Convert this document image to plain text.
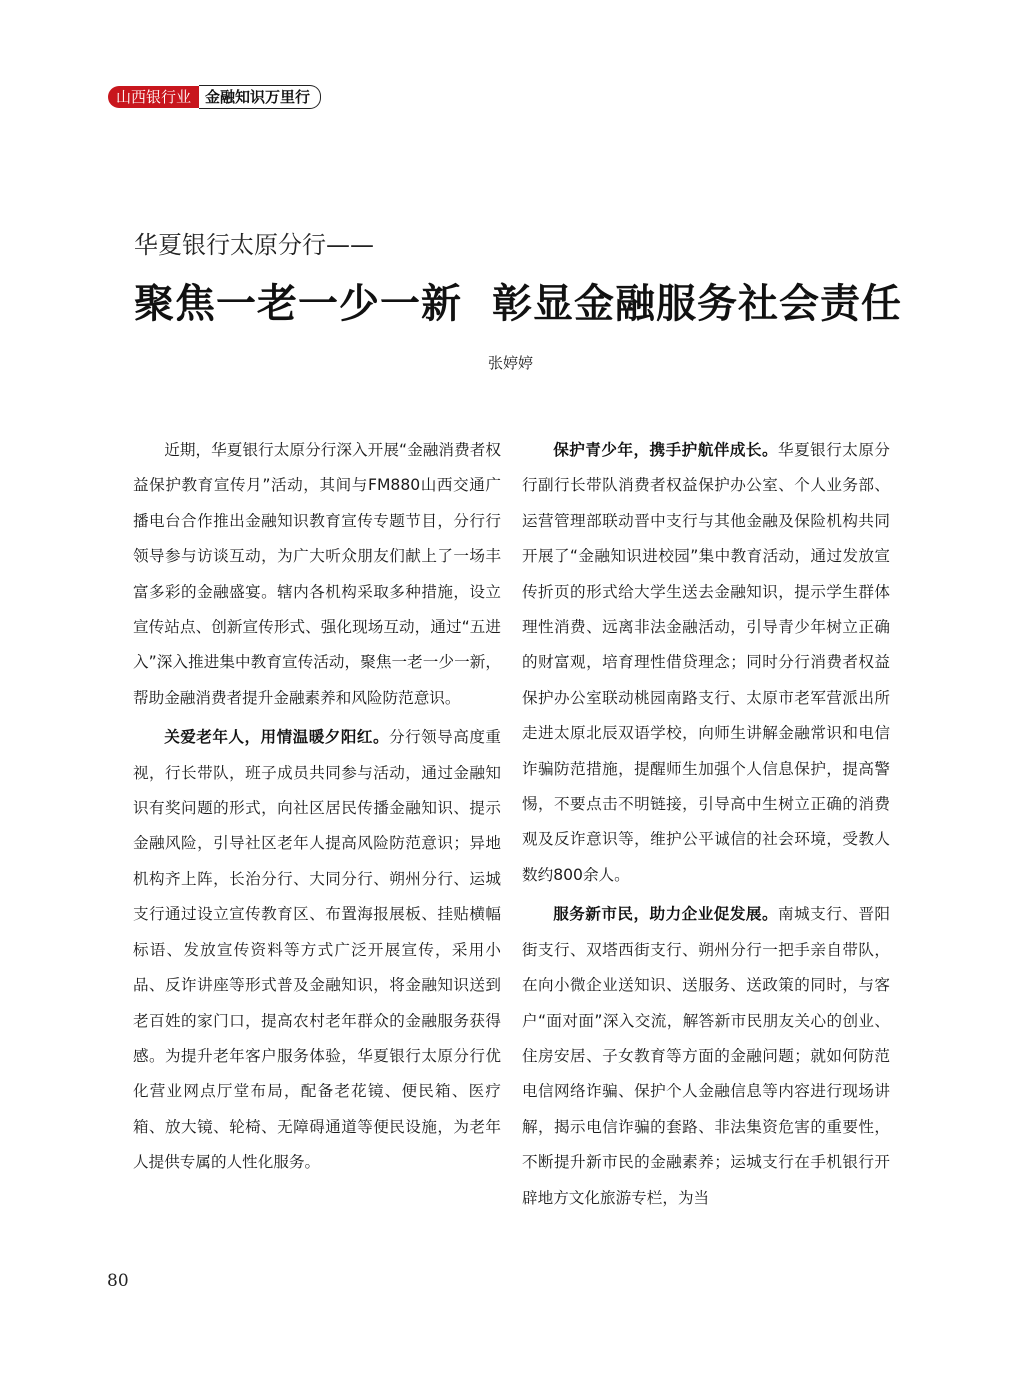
山西银行业 金融知识万里行
华夏银行太原分行——
聚焦一老一少一新 彰显金融服务社会责任
张婷婷

近期，华夏银行太原分行深入开展“金融消费者权益保护教育宣传月”活动，其间与FM880山西交通广播电台合作推出金融知识教育宣传专题节目，分行行领导参与访谈互动，为广大听众朋友们献上了一场丰富多彩的金融盛宴。辖内各机构采取多种措施，设立宣传站点、创新宣传形式、强化现场互动，通过“五进入”深入推进集中教育宣传活动，聚焦一老一少一新，帮助金融消费者提升金融素养和风险防范意识。

关爱老年人，用情温暖夕阳红。分行领导高度重视，行长带队，班子成员共同参与活动，通过金融知识有奖问题的形式，向社区居民传播金融知识、提示金融风险，引导社区老年人提高风险防范意识；异地机构齐上阵，长治分行、大同分行、朔州分行、运城支行通过设立宣传教育区、布置海报展板、挂贴横幅标语、发放宣传资料等方式广泛开展宣传，采用小品、反诈讲座等形式普及金融知识，将金融知识送到老百姓的家门口，提高农村老年群众的金融服务获得感。为提升老年客户服务体验，华夏银行太原分行优化营业网点厅堂布局，配备老花镜、便民箱、医疗箱、放大镜、轮椅、无障碍通道等便民设施，为老年人提供专属的人性化服务。

保护青少年，携手护航伴成长。华夏银行太原分行副行长带队消费者权益保护办公室、个人业务部、运营管理部联动晋中支行与其他金融及保险机构共同开展了“金融知识进校园”集中教育活动，通过发放宣传折页的形式给大学生送去金融知识，提示学生群体理性消费、远离非法金融活动，引导青少年树立正确的财富观，培育理性借贷理念；同时分行消费者权益保护办公室联动桃园南路支行、太原市老军营派出所走进太原北辰双语学校，向师生讲解金融常识和电信诈骗防范措施，提醒师生加强个人信息保护，提高警惕，不要点击不明链接，引导高中生树立正确的消费观及反诈意识等，维护公平诚信的社会环境，受教人数约800余人。

服务新市民，助力企业促发展。南城支行、晋阳街支行、双塔西街支行、朔州分行一把手亲自带队，在向小微企业送知识、送服务、送政策的同时，与客户“面对面”深入交流，解答新市民朋友关心的创业、住房安居、子女教育等方面的金融问题；就如何防范电信网络诈骗、保护个人金融信息等内容进行现场讲解，揭示电信诈骗的套路、非法集资危害的重要性，不断提升新市民的金融素养；运城支行在手机银行开辟地方文化旅游专栏，为当

80
